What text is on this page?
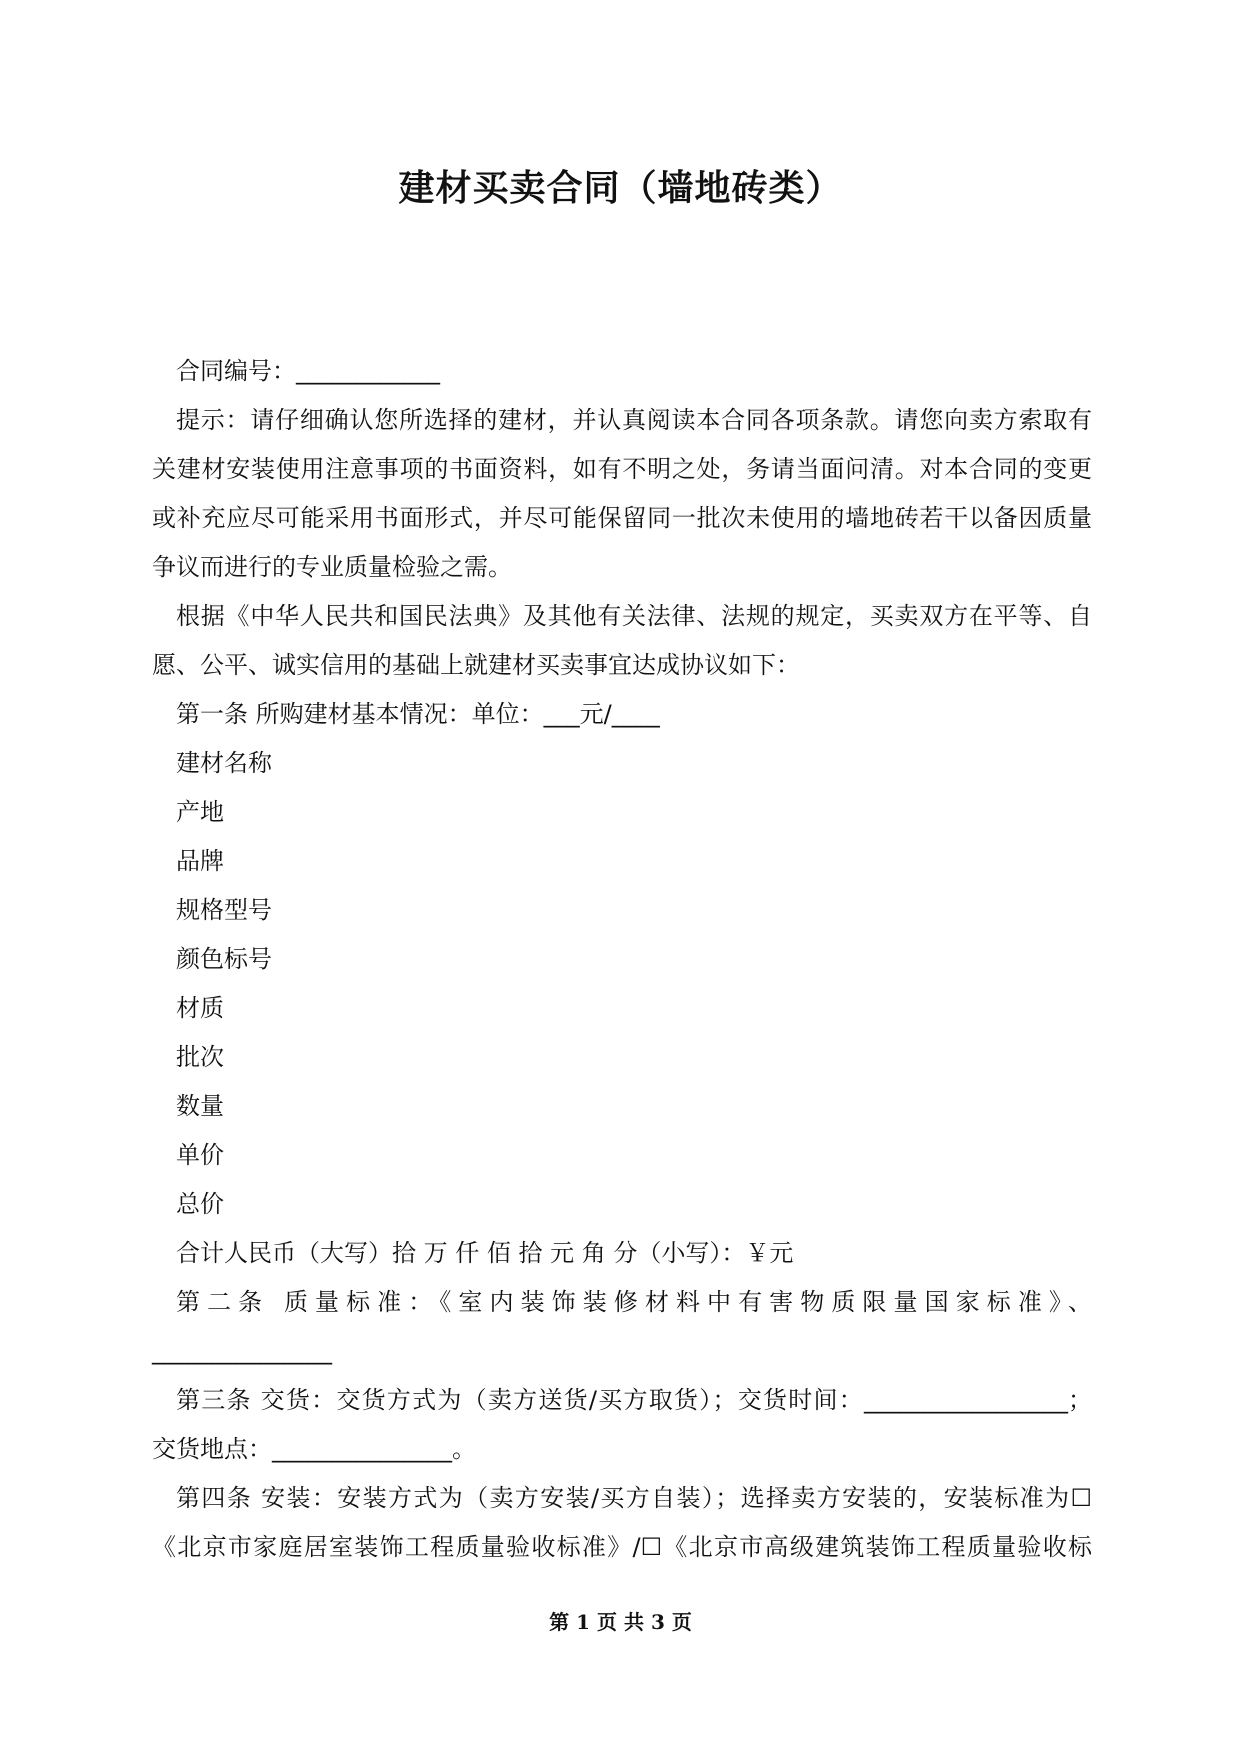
建材买卖合同（墙地砖类）
合同编号：____________
提示：请仔细确认您所选择的建材，并认真阅读本合同各项条款。请您向卖方索取有
关建材安装使用注意事项的书面资料，如有不明之处，务请当面问清。对本合同的变更
或补充应尽可能采用书面形式，并尽可能保留同一批次未使用的墙地砖若干以备因质量
争议而进行的专业质量检验之需。
根据《中华人民共和国民法典》及其他有关法律、法规的规定，买卖双方在平等、自
愿、公平、诚实信用的基础上就建材买卖事宜达成协议如下：
第一条 所购建材基本情况：单位：___元/____
建材名称
产地
品牌
规格型号
颜色标号
材质
批次
数量
单价
总价
合计人民币（大写）拾 万 仟 佰 拾 元 角 分（小写）：￥元
第二条 质量标准：《室内装饰装修材料中有害物质限量国家标准》、
_______________
第三条 交货：交货方式为（卖方送货/买方取货）；交货时间：_________________；
交货地点：_______________。
第四条 安装：安装方式为（卖方安装/买方自装）；选择卖方安装的，安装标准为☐
《北京市家庭居室装饰工程质量验收标准》/☐《北京市高级建筑装饰工程质量验收标
第 1 页 共 3 页
